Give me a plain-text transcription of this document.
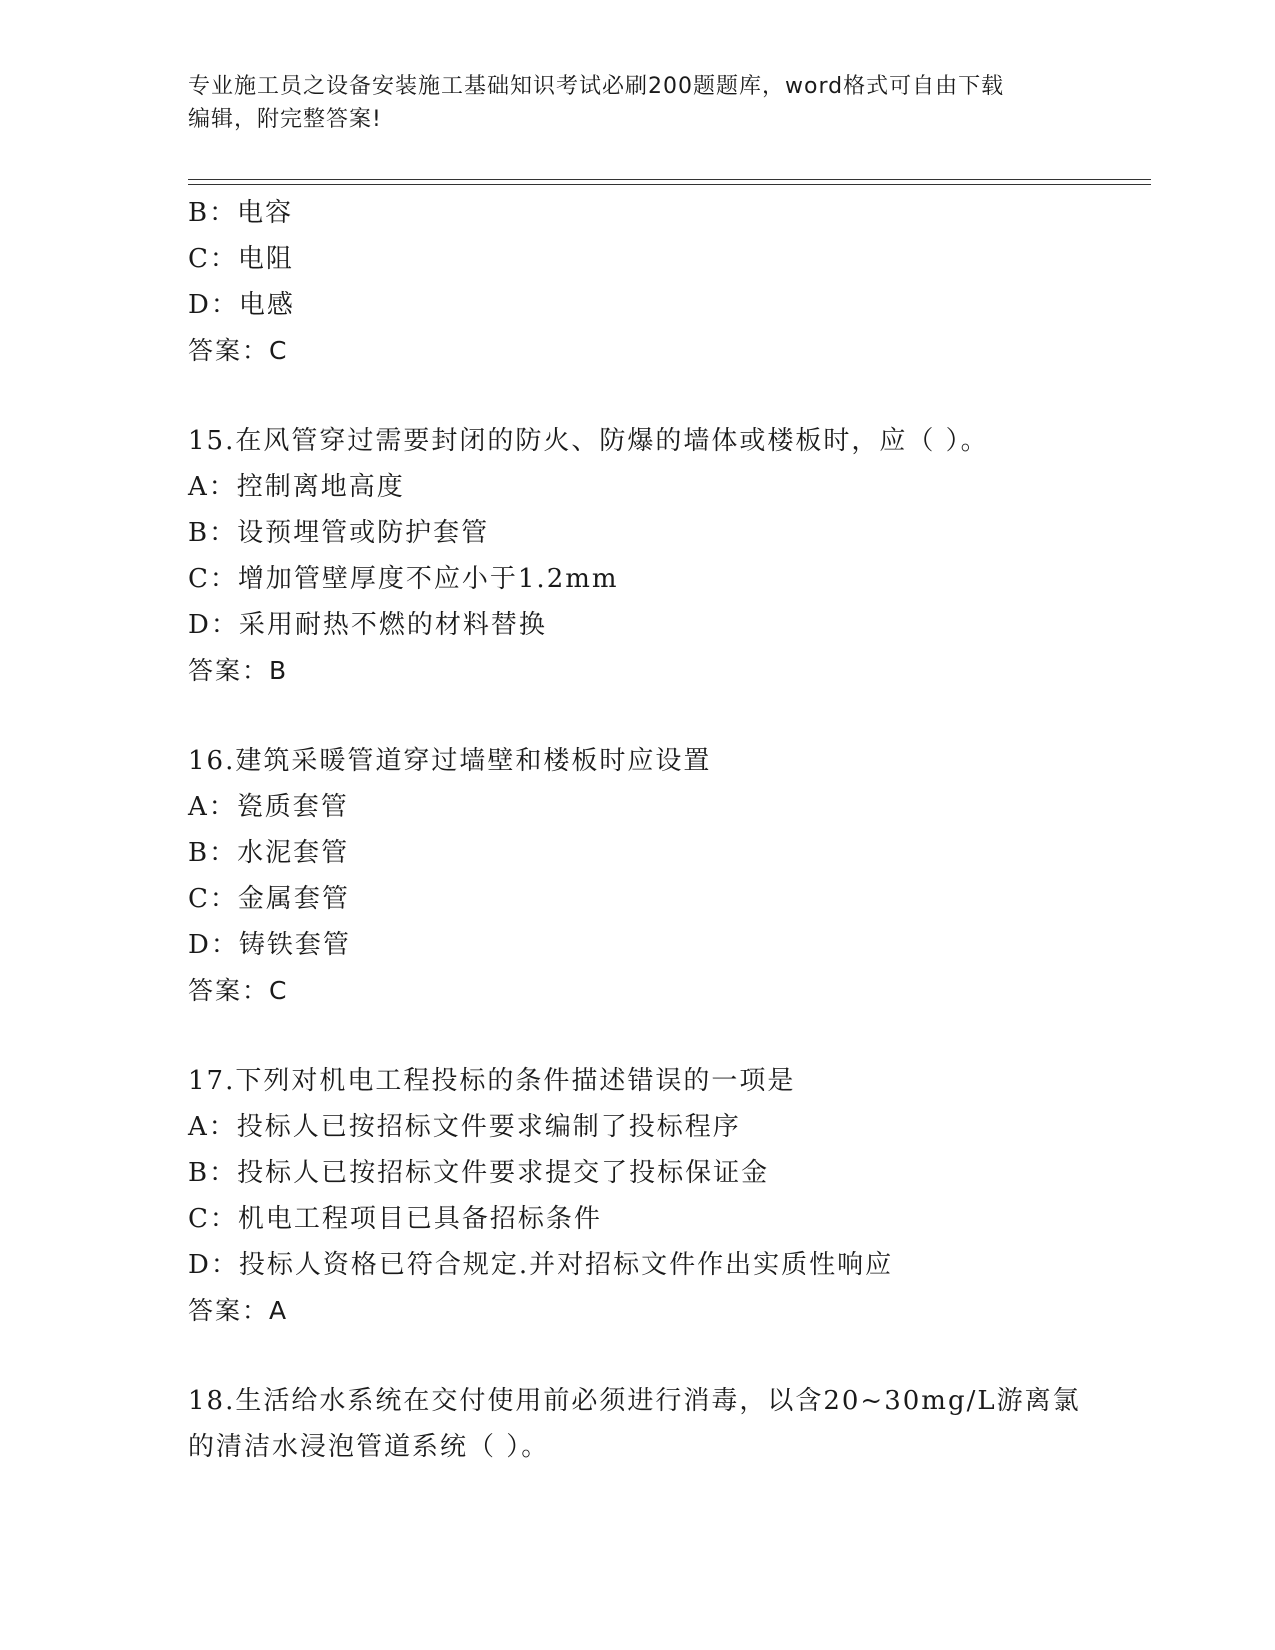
专业施工员之设备安装施工基础知识考试必刷200题题库，word格式可自由下载
编辑，附完整答案!
B：电容
C：电阻
D：电感
答案：C
15.在风管穿过需要封闭的防火、防爆的墙体或楼板时，应（ ）。
A：控制离地高度
B：设预埋管或防护套管
C：增加管壁厚度不应小于1.2mm
D：采用耐热不燃的材料替换
答案：B
16.建筑采暖管道穿过墙壁和楼板时应设置
A：瓷质套管
B：水泥套管
C：金属套管
D：铸铁套管
答案：C
17.下列对机电工程投标的条件描述错误的一项是
A：投标人已按招标文件要求编制了投标程序
B：投标人已按招标文件要求提交了投标保证金
C：机电工程项目已具备招标条件
D：投标人资格已符合规定.并对招标文件作出实质性响应
答案：A
18.生活给水系统在交付使用前必须进行消毒，以含20~30mg/L游离氯
的清洁水浸泡管道系统（ ）。
